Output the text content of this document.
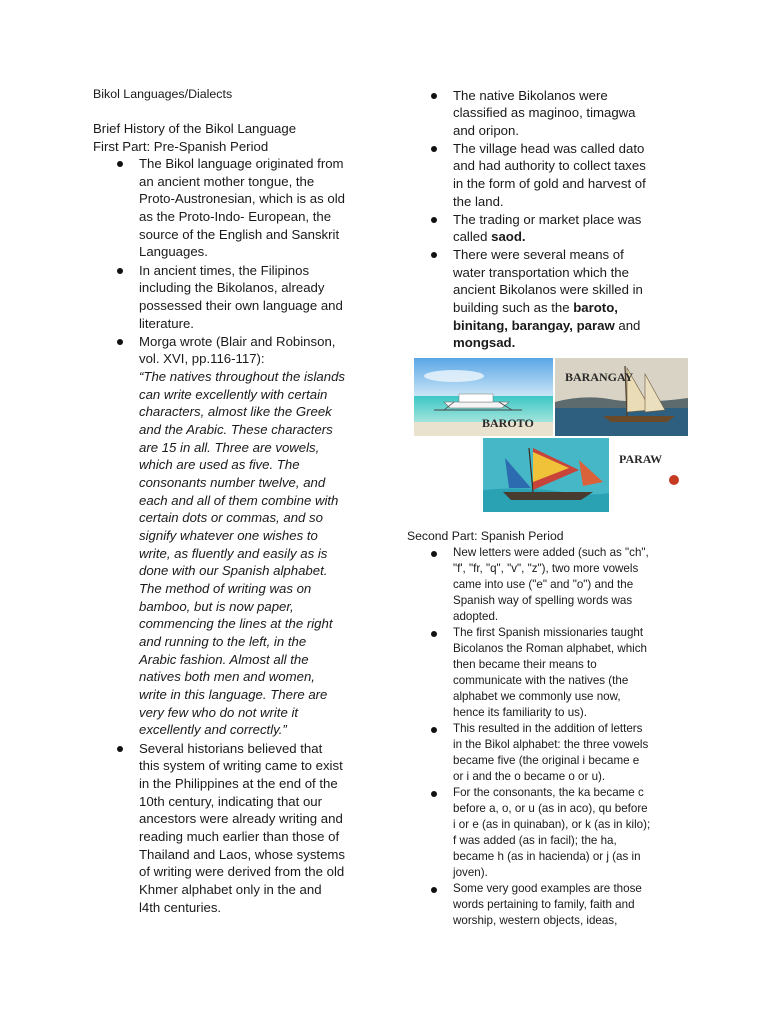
Bikol Languages/Dialects
Brief History of the Bikol Language
First Part: Pre-Spanish Period
The Bikol language originated from
an ancient mother tongue, the
Proto-Austronesian, which is as old
as the Proto-Indo- European, the
source of the English and Sanskrit
Languages.
In ancient times, the Filipinos
including the Bikolanos, already
possessed their own language and
literature.
Morga wrote (Blair and Robinson,
vol. XVI, pp.116-117):
“The natives throughout the islands
can write excellently with certain
characters, almost like the Greek
and the Arabic. These characters
are 15 in all. Three are vowels,
which are used as five. The
consonants number twelve, and
each and all of them combine with
certain dots or commas, and so
signify whatever one wishes to
write, as fluently and easily as is
done with our Spanish alphabet.
The method of writing was on
bamboo, but is now paper,
commencing the lines at the right
and running to the left, in the
Arabic fashion. Almost all the
natives both men and women,
write in this language. There are
very few who do not write it
excellently and correctly.”
Several historians believed that
this system of writing came to exist
in the Philippines at the end of the
10th century, indicating that our
ancestors were already writing and
reading much earlier than those of
Thailand and Laos, whose systems
of writing were derived from the old
Khmer alphabet only in the and
l4th centuries.
The native Bikolanos were
classified as maginoo, timagwa
and oripon.
The village head was called dato
and had authority to collect taxes
in the form of gold and harvest of
the land.
The trading or market place was
called saod.
There were several means of
water transportation which the
ancient Bikolanos were skilled in
building such as the baroto,
binitang, barangay, paraw and
mongsad.
Second Part: Spanish Period
New letters were added (such as "ch",
"f', "fr, "q", "v", "z"), two more vowels
came into use ("e" and "o") and the
Spanish way of spelling words was
adopted.
The first Spanish missionaries taught
Bicolanos the Roman alphabet, which
then became their means to
communicate with the natives (the
alphabet we commonly use now,
hence its familiarity to us).
This resulted in the addition of letters
in the Bikol alphabet: the three vowels
became five (the original i became e
or i and the o became o or u).
For the consonants, the ka became c
before a, o, or u (as in aco), qu before
i or e (as in quinaban), or k (as in kilo);
f was added (as in facil); the ha,
became h (as in hacienda) or j (as in
joven).
Some very good examples are those
words pertaining to family, faith and
worship, western objects, ideas,
BAROTO
BARANGAY
PARAW
